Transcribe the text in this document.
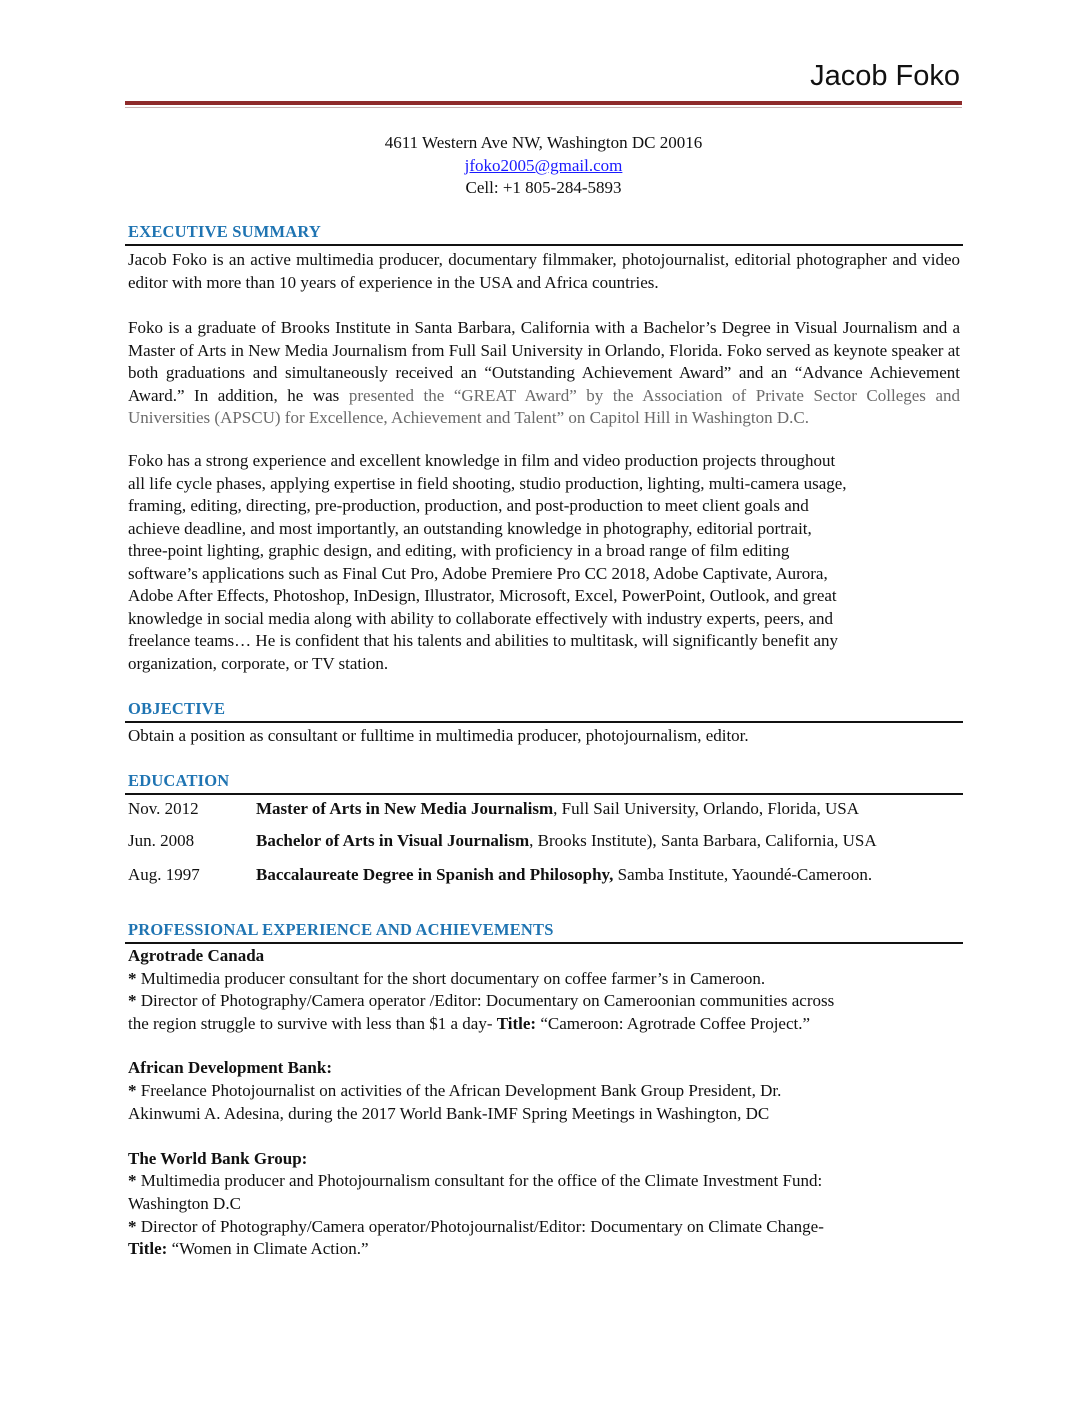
Jacob Foko
4611 Western Ave NW, Washington DC 20016
jfoko2005@gmail.com
Cell: +1 805-284-5893
EXECUTIVE SUMMARY
Jacob Foko is an active multimedia producer, documentary filmmaker, photojournalist, editorial photographer and video editor with more than 10 years of experience in the USA and Africa countries.
Foko is a graduate of Brooks Institute in Santa Barbara, California with a Bachelor’s Degree in Visual Journalism and a Master of Arts in New Media Journalism from Full Sail University in Orlando, Florida. Foko served as keynote speaker at both graduations and simultaneously received an “Outstanding Achievement Award” and an “Advance Achievement Award.” In addition, he was presented the “GREAT Award” by the Association of Private Sector Colleges and Universities (APSCU) for Excellence, Achievement and Talent” on Capitol Hill in Washington D.C.
Foko has a strong experience and excellent knowledge in film and video production projects throughout
all life cycle phases, applying expertise in field shooting, studio production, lighting, multi-camera usage,
framing, editing, directing, pre-production, production, and post-production to meet client goals and
achieve deadline, and most importantly, an outstanding knowledge in photography, editorial portrait,
three-point lighting, graphic design, and editing, with proficiency in a broad range of film editing
software’s applications such as Final Cut Pro, Adobe Premiere Pro CC 2018, Adobe Captivate, Aurora,
Adobe After Effects, Photoshop, InDesign, Illustrator, Microsoft, Excel, PowerPoint, Outlook, and great
knowledge in social media along with ability to collaborate effectively with industry experts, peers, and
freelance teams… He is confident that his talents and abilities to multitask, will significantly benefit any
organization, corporate, or TV station.
OBJECTIVE
Obtain a position as consultant or fulltime in multimedia producer, photojournalism, editor.
EDUCATION
Nov. 2012	Master of Arts in New Media Journalism, Full Sail University, Orlando, Florida, USA
Jun. 2008	Bachelor of Arts in Visual Journalism, Brooks Institute), Santa Barbara, California, USA
Aug. 1997	Baccalaureate Degree in Spanish and Philosophy, Samba Institute, Yaoundé-Cameroon.
PROFESSIONAL EXPERIENCE AND ACHIEVEMENTS
Agrotrade Canada
* Multimedia producer consultant for the short documentary on coffee farmer’s in Cameroon.
* Director of Photography/Camera operator /Editor: Documentary on Cameroonian communities across
the region struggle to survive with less than $1 a day- Title: “Cameroon: Agrotrade Coffee Project.”
African Development Bank:
* Freelance Photojournalist on activities of the African Development Bank Group President, Dr.
Akinwumi A. Adesina, during the 2017 World Bank-IMF Spring Meetings in Washington, DC
The World Bank Group:
* Multimedia producer and Photojournalism consultant for the office of the Climate Investment Fund:
Washington D.C
* Director of Photography/Camera operator/Photojournalist/Editor: Documentary on Climate Change-
Title: “Women in Climate Action.”
